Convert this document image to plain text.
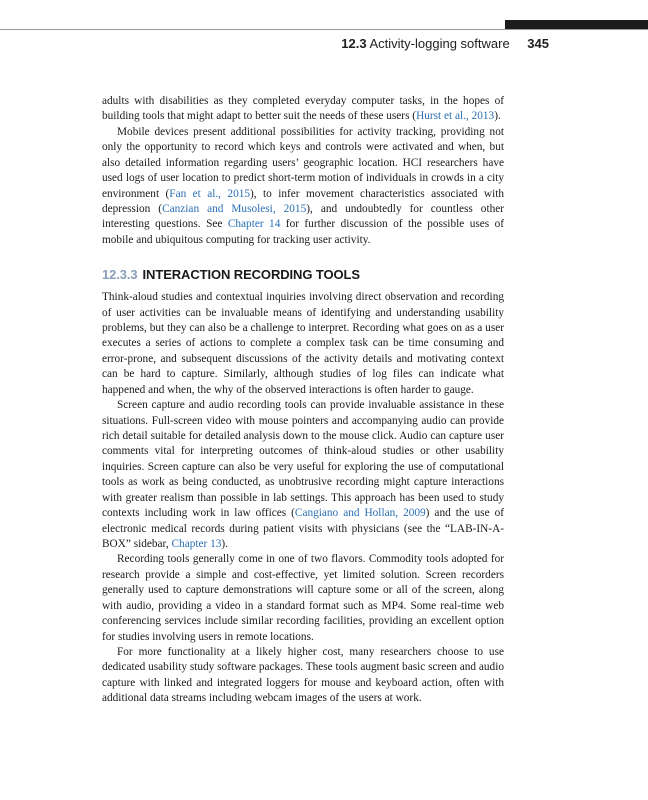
12.3 Activity-logging software 345

adults with disabilities as they completed everyday computer tasks, in the hopes of building tools that might adapt to better suit the needs of these users (Hurst et al., 2013).

Mobile devices present additional possibilities for activity tracking, providing not only the opportunity to record which keys and controls were activated and when, but also detailed information regarding users’ geographic location. HCI researchers have used logs of user location to predict short-term motion of individuals in crowds in a city environment (Fan et al., 2015), to infer movement characteristics associated with depression (Canzian and Musolesi, 2015), and undoubtedly for countless other interesting questions. See Chapter 14 for further discussion of the possible uses of mobile and ubiquitous computing for tracking user activity.

12.3.3 INTERACTION RECORDING TOOLS

Think-aloud studies and contextual inquiries involving direct observation and recording of user activities can be invaluable means of identifying and understanding usability problems, but they can also be a challenge to interpret. Recording what goes on as a user executes a series of actions to complete a complex task can be time consuming and error-prone, and subsequent discussions of the activity details and motivating context can be hard to capture. Similarly, although studies of log files can indicate what happened and when, the why of the observed interactions is often harder to gauge.

Screen capture and audio recording tools can provide invaluable assistance in these situations. Full-screen video with mouse pointers and accompanying audio can provide rich detail suitable for detailed analysis down to the mouse click. Audio can capture user comments vital for interpreting outcomes of think-aloud studies or other usability inquiries. Screen capture can also be very useful for exploring the use of computational tools as work as being conducted, as unobtrusive recording might capture interactions with greater realism than possible in lab settings. This approach has been used to study contexts including work in law offices (Cangiano and Hollan, 2009) and the use of electronic medical records during patient visits with physicians (see the “LAB-IN-A-BOX” sidebar, Chapter 13).

Recording tools generally come in one of two flavors. Commodity tools adopted for research provide a simple and cost-effective, yet limited solution. Screen recorders generally used to capture demonstrations will capture some or all of the screen, along with audio, providing a video in a standard format such as MP4. Some real-time web conferencing services include similar recording facilities, providing an excellent option for studies involving users in remote locations.

For more functionality at a likely higher cost, many researchers choose to use dedicated usability study software packages. These tools augment basic screen and audio capture with linked and integrated loggers for mouse and keyboard action, often with additional data streams including webcam images of the users at work.
